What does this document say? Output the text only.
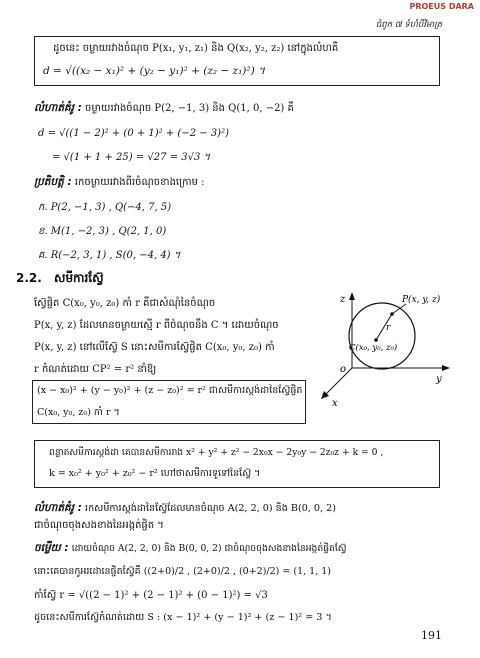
PROEUS DARA
ជំពូក ៧ ទំហំបីវិមាត្រ
ដូចនេះ ចម្ងាយរវាងចំណុច P(x₁, y₁, z₁) និង Q(x₂, y₂, z₂) នៅក្នុងលំហគឺ
d = √((x₂ − x₁)² + (y₂ − y₁)² + (z₂ − z₁)²) ។
លំហាត់គំរូ : ចម្ងាយរវាងចំណុច P(2, −1, 3) និង Q(1, 0, −2) គឺ
d = √((1 − 2)² + (0 + 1)² + (−2 − 3)²)
= √(1 + 1 + 25) = √27 = 3√3 ។
ប្រតិបត្តិ : រកចម្ងាយរវាងពីរចំណុចខាងក្រោម :
ក. P(2, −1, 3) , Q(−4, 7, 5)
ខ. M(1, −2, 3) , Q(2, 1, 0)
គ. R(−2, 3, 1) , S(0, −4, 4) ។
2.2. សមីការស្វ៊ែ
ស្វ៊ែផ្ចិត C(x₀, y₀, z₀) កាំ r គឺជាសំណុំនៃចំណុច
P(x, y, z) ដែលមានចម្ងាយស្មើ r ពីចំណុចនឹង C ។ ដោយចំណុច
P(x, y, z) នៅលើស្វ៊ែ S នោះសមីការស្វ៊ែផ្ចិត C(x₀, y₀, z₀) កាំ
r កំណត់ដោយ CP² = r² នាំឱ្យ
(x − x₀)² + (y − y₀)² + (z − z₀)² = r² ជាសមីការស្តង់ដានៃស្វ៊ែផ្ចិត
C(x₀, y₀, z₀) កាំ r ។
z
y
x
o
P(x, y, z)
r
C(x₀, y₀, z₀)
ពន្លាតសមីការស្តង់ដា គេបានសមីការរាង x² + y² + z² − 2x₀x − 2y₀y − 2z₀z + k = 0 ,
k = x₀² + y₀² + z₀² − r² ហៅថាសមីការទូទៅនៃស្វ៊ែ ។
លំហាត់គំរូ : រកសមីការស្តង់ដានៃស្វ៊ែដែលមានចំណុច A(2, 2, 0) និង B(0, 0, 2)
ជាចំណុចចុងសងខាងនៃអង្កត់ផ្ចិត ។
ចម្លើយ : ដោយចំណុច A(2, 2, 0) និង B(0, 0, 2) ជាចំណុចចុងសងខាងនៃអង្កត់ផ្ចិតស្វ៊ែ
នោះគេបានកូអរដោនេផ្ចិតស្វ៊ែគឺ ((2+0)/2 , (2+0)/2 , (0+2)/2) = (1, 1, 1)
កាំស្វ៊ែ r = √((2 − 1)² + (2 − 1)² + (0 − 1)²) = √3
ដូចនេះសមីការស្វ៊ែកំណត់ដោយ S : (x − 1)² + (y − 1)² + (z − 1)² = 3 ។
191
